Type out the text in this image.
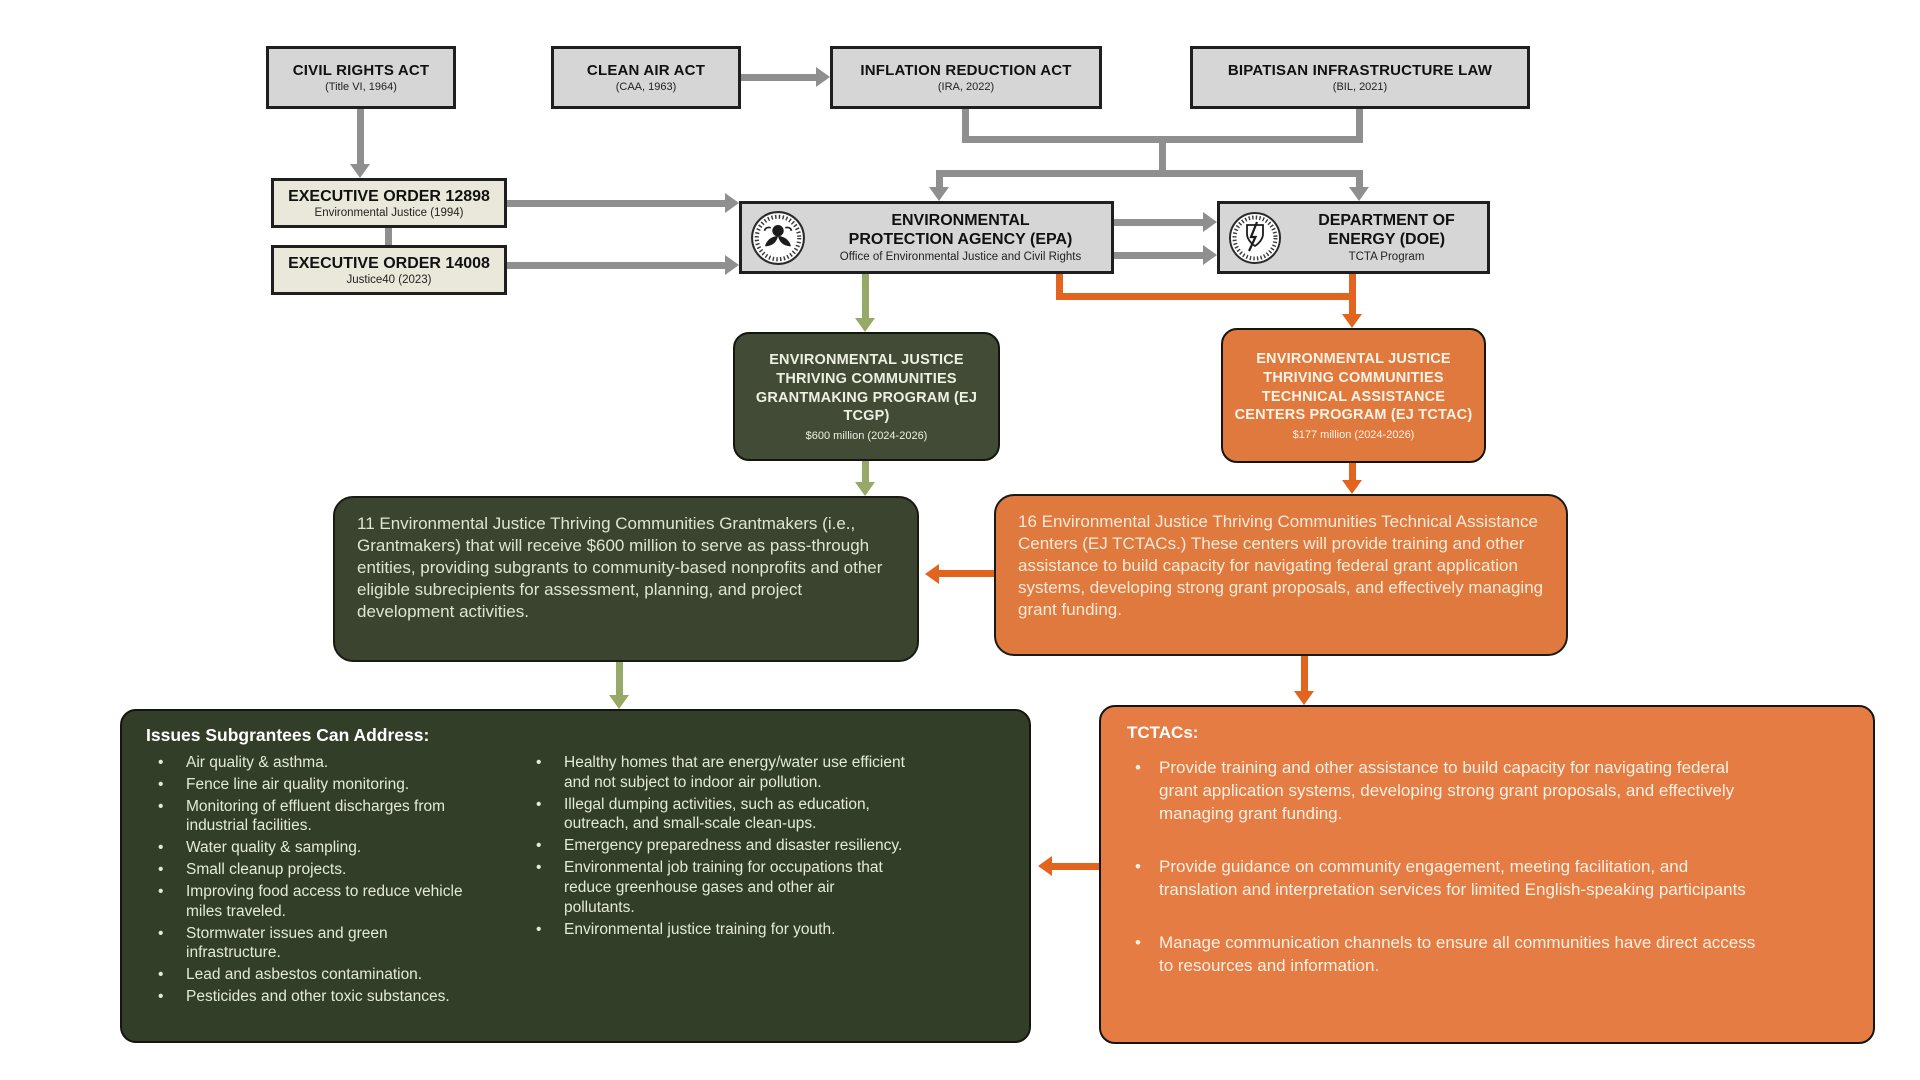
CIVIL RIGHTS ACT
(Title VI, 1964)
CLEAN AIR ACT
(CAA, 1963)
INFLATION REDUCTION ACT
(IRA, 2022)
BIPATISAN INFRASTRUCTURE LAW
(BIL, 2021)
EXECUTIVE ORDER 12898
Environmental Justice (1994)
EXECUTIVE ORDER 14008
Justice40 (2023)
ENVIRONMENTAL
PROTECTION AGENCY (EPA)
Office of Environmental Justice and Civil Rights
DEPARTMENT OF
ENERGY (DOE)
TCTA Program
ENVIRONMENTAL JUSTICE THRIVING COMMUNITIES GRANTMAKING PROGRAM (EJ TCGP)
$600 million (2024-2026)
ENVIRONMENTAL JUSTICE THRIVING COMMUNITIES TECHNICAL ASSISTANCE CENTERS PROGRAM (EJ TCTAC)
$177 million (2024-2026)
11 Environmental Justice Thriving Communities Grantmakers (i.e., Grantmakers) that will receive $600 million to serve as pass-through entities, providing subgrants to community-based nonprofits and other eligible subrecipients for assessment, planning, and project development activities.
16 Environmental Justice Thriving Communities Technical Assistance Centers (EJ TCTACs.) These centers will provide training and other assistance to build capacity for navigating federal grant application systems, developing strong grant proposals, and effectively managing grant funding.
Issues Subgrantees Can Address:
• Air quality & asthma.
• Fence line air quality monitoring.
• Monitoring of effluent discharges from industrial facilities.
• Water quality & sampling.
• Small cleanup projects.
• Improving food access to reduce vehicle miles traveled.
• Stormwater issues and green infrastructure.
• Lead and asbestos contamination.
• Pesticides and other toxic substances.
• Healthy homes that are energy/water use efficient and not subject to indoor air pollution.
• Illegal dumping activities, such as education, outreach, and small-scale clean-ups.
• Emergency preparedness and disaster resiliency.
• Environmental job training for occupations that reduce greenhouse gases and other air pollutants.
• Environmental justice training for youth.
TCTACs:
• Provide training and other assistance to build capacity for navigating federal grant application systems, developing strong grant proposals, and effectively managing grant funding.
• Provide guidance on community engagement, meeting facilitation, and translation and interpretation services for limited English-speaking participants
• Manage communication channels to ensure all communities have direct access to resources and information.
